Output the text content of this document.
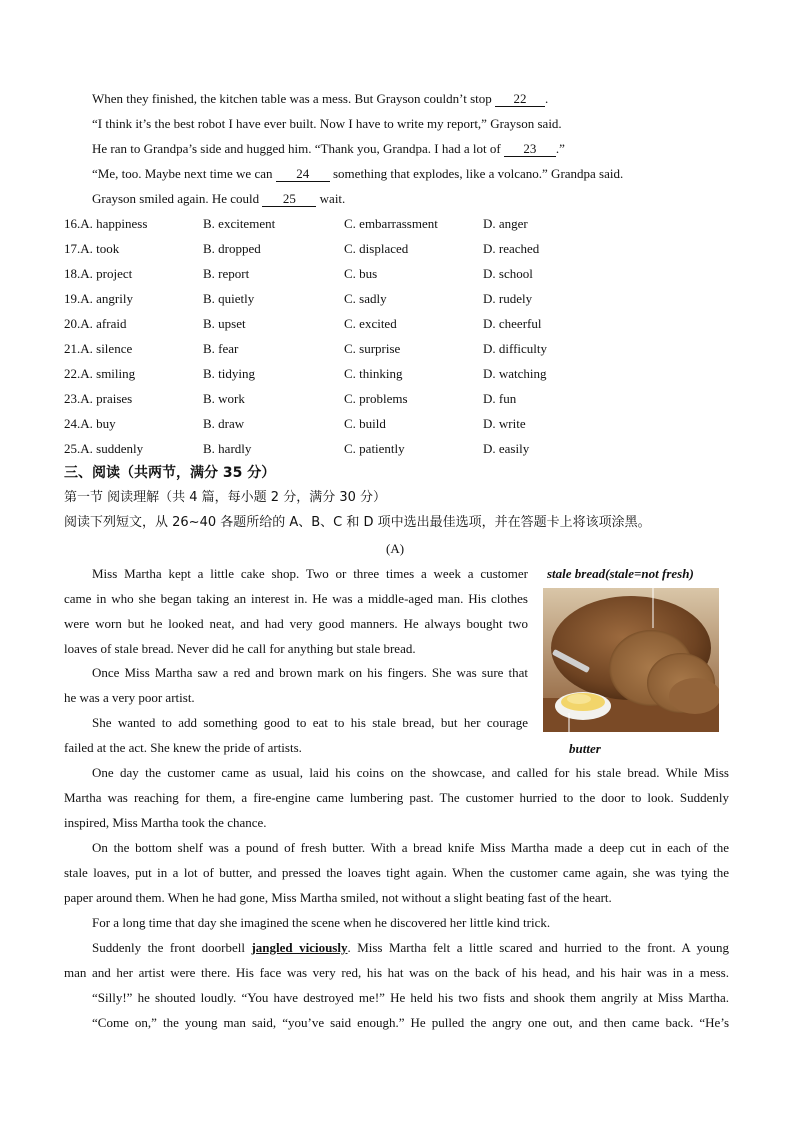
When they finished, the kitchen table was a mess. But Grayson couldn’t stop 22 .
“I think it’s the best robot I have ever built. Now I have to write my report,” Grayson said.
He ran to Grandpa’s side and hugged him. “Thank you, Grandpa. I had a lot of 23 .”
“Me, too. Maybe next time we can 24 something that explodes, like a volcano.” Grandpa said.
Grayson smiled again. He could 25 wait.
16.A. happiness	B. excitement	C. embarrassment	D. anger
17.A. took	B. dropped	C. displaced	D. reached
18.A. project	B. report	C. bus	D. school
19.A. angrily	B. quietly	C. sadly	D. rudely
20.A. afraid	B. upset	C. excited	D. cheerful
21.A. silence	B. fear	C. surprise	D. difficulty
22.A. smiling	B. tidying	C. thinking	D. watching
23.A. praises	B. work	C. problems	D. fun
24.A. buy	B. draw	C. build	D. write
25.A. suddenly	B. hardly	C. patiently	D. easily
三、阅读（共两节，满分 35 分）
第一节 阅读理解（共 4 篇，每小题 2 分，满分 30 分）
阅读下列短文，从 26~40 各题所给的 A、B、C 和 D 项中选出最佳选项，并在答题卡上将该项涂黑。
(A)
stale bread(stale=not fresh)
butter
Miss Martha kept a little cake shop. Two or three times a week a customer
came in who she began taking an interest in. He was a middle-aged man. His clothes
were worn but he looked neat, and had very good manners. He always bought two
loaves of stale bread. Never did he call for anything but stale bread.
Once Miss Martha saw a red and brown mark on his fingers. She was sure that
he was a very poor artist.
She wanted to add something good to eat to his stale bread, but her courage
failed at the act. She knew the pride of artists.
One day the customer came as usual, laid his coins on the showcase, and called for his stale bread. While Miss
Martha was reaching for them, a fire-engine came lumbering past. The customer hurried to the door to look. Suddenly
inspired, Miss Martha took the chance.
On the bottom shelf was a pound of fresh butter. With a bread knife Miss Martha made a deep cut in each of the
stale loaves, put in a lot of butter, and pressed the loaves tight again. When the customer came again, she was tying the
paper around them. When he had gone, Miss Martha smiled, not without a slight beating fast of the heart.
For a long time that day she imagined the scene when he discovered her little kind trick.
Suddenly the front doorbell jangled viciously. Miss Martha felt a little scared and hurried to the front. A young
man and her artist were there. His face was very red, his hat was on the back of his head, and his hair was in a mess.
“Silly!” he shouted loudly. “You have destroyed me!” He held his two fists and shook them angrily at Miss Martha.
“Come on,” the young man said, “you’ve said enough.” He pulled the angry one out, and then came back. “He’s
